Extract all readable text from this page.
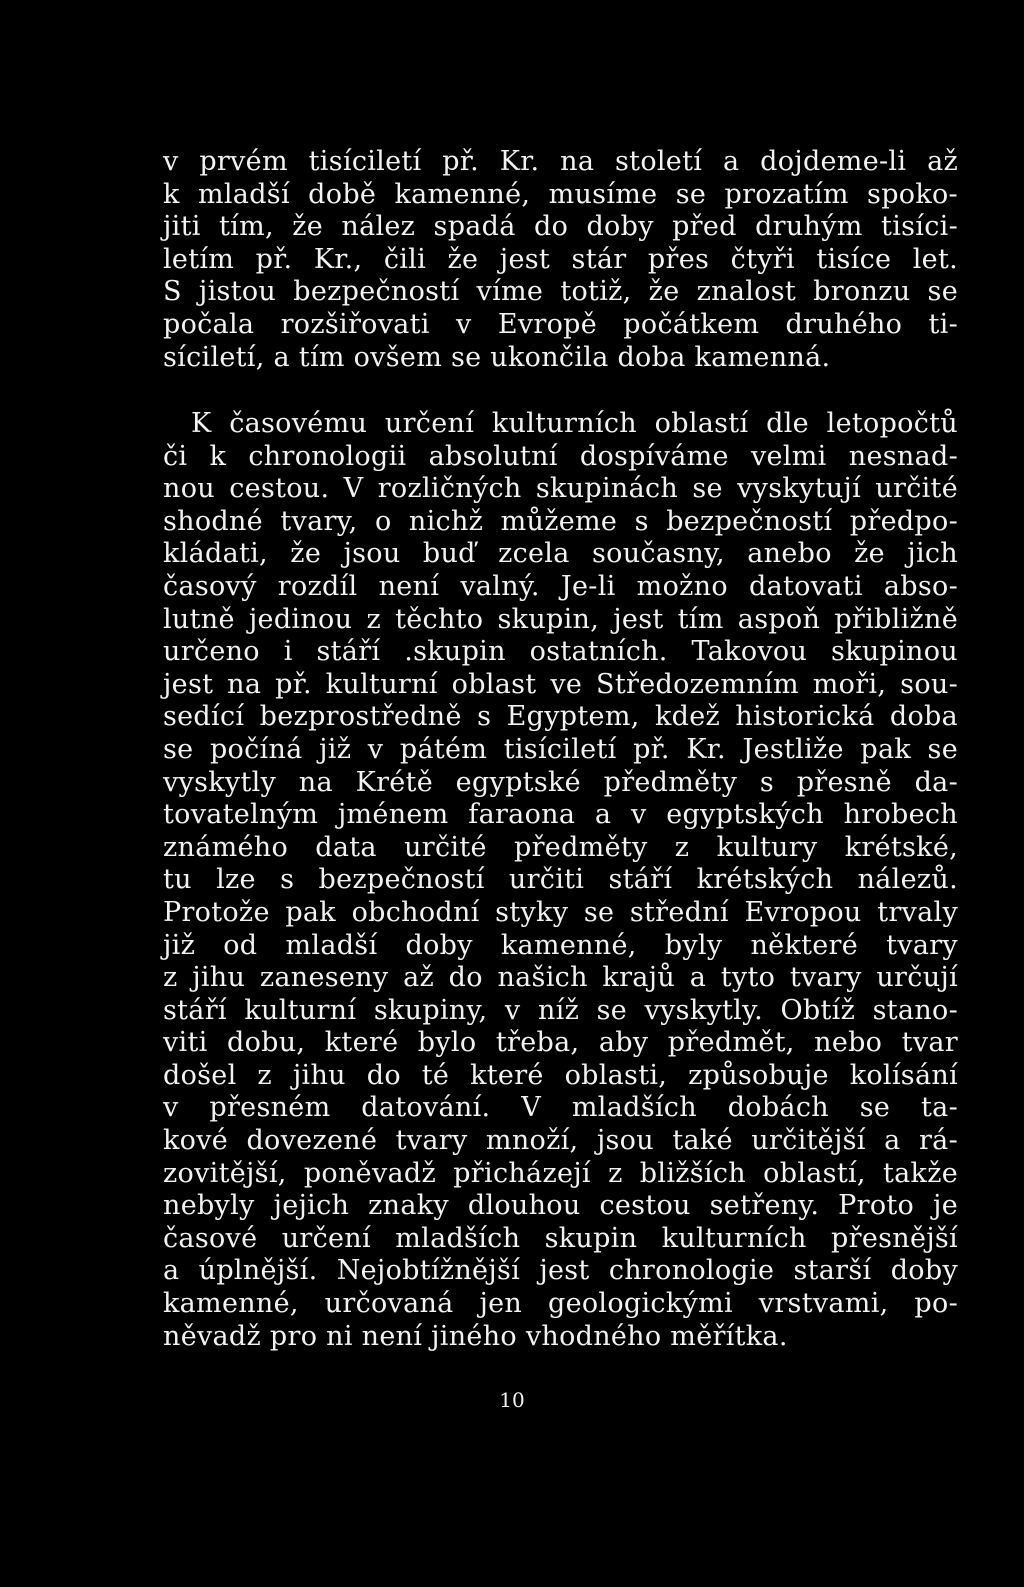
v prvém tisíciletí př. Kr. na století a dojdeme-li až
k mladší době kamenné, musíme se prozatím spoko-
jiti tím, že nález spadá do doby před druhým tisíci-
letím př. Kr., čili že jest stár přes čtyři tisíce let.
S jistou bezpečností víme totiž, že znalost bronzu se
počala rozšiřovati v Evropě počátkem druhého ti-
síciletí, a tím ovšem se ukončila doba kamenná.
K časovému určení kulturních oblastí dle letopočtů
či k chronologii absolutní dospíváme velmi nesnad-
nou cestou. V rozličných skupinách se vyskytují určité
shodné tvary, o nichž můžeme s bezpečností předpo-
kládati, že jsou buď zcela současny, anebo že jich
časový rozdíl není valný. Je-li možno datovati abso-
lutně jedinou z těchto skupin, jest tím aspoň přibližně
určeno i stáří .skupin ostatních. Takovou skupinou
jest na př. kulturní oblast ve Středozemním moři, sou-
sedící bezprostředně s Egyptem, kdež historická doba
se počíná již v pátém tisíciletí př. Kr. Jestliže pak se
vyskytly na Krétě egyptské předměty s přesně da-
tovatelným jménem faraona a v egyptských hrobech
známého data určité předměty z kultury krétské,
tu lze s bezpečností určiti stáří krétských nálezů.
Protože pak obchodní styky se střední Evropou trvaly
již od mladší doby kamenné, byly některé tvary
z jihu zaneseny až do našich krajů a tyto tvary určují
stáří kulturní skupiny, v níž se vyskytly. Obtíž stano-
viti dobu, které bylo třeba, aby předmět, nebo tvar
došel z jihu do té které oblasti, způsobuje kolísání
v přesném datování. V mladších dobách se ta-
kové dovezené tvary množí, jsou také určitější a rá-
zovitější, poněvadž přicházejí z bližších oblastí, takže
nebyly jejich znaky dlouhou cestou setřeny. Proto je
časové určení mladších skupin kulturních přesnější
a úplnější. Nejobtížnější jest chronologie starší doby
kamenné, určovaná jen geologickými vrstvami, po-
něvadž pro ni není jiného vhodného měřítka.
10
